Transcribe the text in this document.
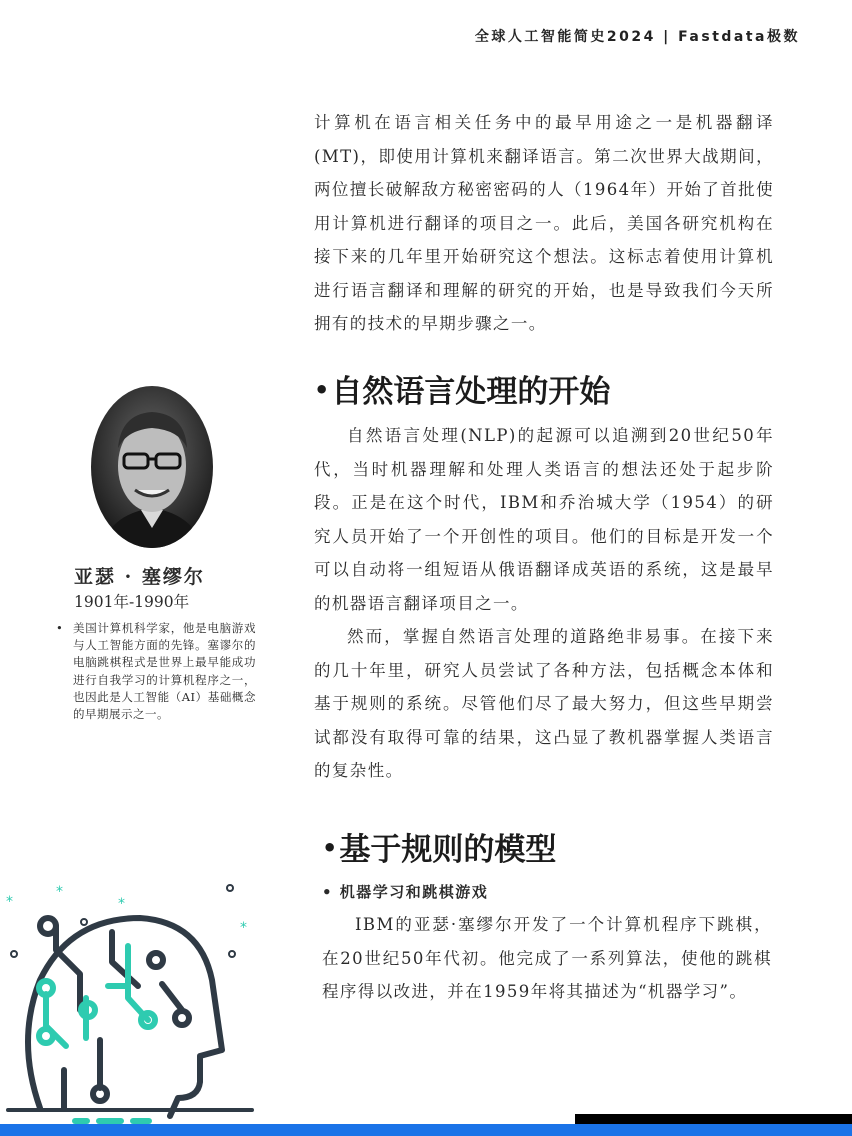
全球人工智能简史2024 | Fastdata极数

计算机在语言相关任务中的最早用途之一是机器翻译(MT)，即使用计算机来翻译语言。第二次世界大战期间，两位擅长破解敌方秘密密码的人（1964年）开始了首批使用计算机进行翻译的项目之一。此后，美国各研究机构在接下来的几年里开始研究这个想法。这标志着使用计算机进行语言翻译和理解的研究的开始，也是导致我们今天所拥有的技术的早期步骤之一。

•自然语言处理的开始

自然语言处理(NLP)的起源可以追溯到20世纪50年代，当时机器理解和处理人类语言的想法还处于起步阶段。正是在这个时代，IBM和乔治城大学（1954）的研究人员开始了一个开创性的项目。他们的目标是开发一个可以自动将一组短语从俄语翻译成英语的系统，这是最早的机器语言翻译项目之一。

然而，掌握自然语言处理的道路绝非易事。在接下来的几十年里，研究人员尝试了各种方法，包括概念本体和基于规则的系统。尽管他们尽了最大努力，但这些早期尝试都没有取得可靠的结果，这凸显了教机器掌握人类语言的复杂性。

•基于规则的模型
• 机器学习和跳棋游戏

IBM的亚瑟·塞缪尔开发了一个计算机程序下跳棋，在20世纪50年代初。他完成了一系列算法，使他的跳棋程序得以改进，并在1959年将其描述为“机器学习”。

亚瑟 · 塞缪尔
1901年-1990年
• 美国计算机科学家，他是电脑游戏与人工智能方面的先锋。塞谬尔的电脑跳棋程式是世界上最早能成功进行自我学习的计算机程序之一，也因此是人工智能（AI）基础概念的早期展示之一。
*
*
*
*
